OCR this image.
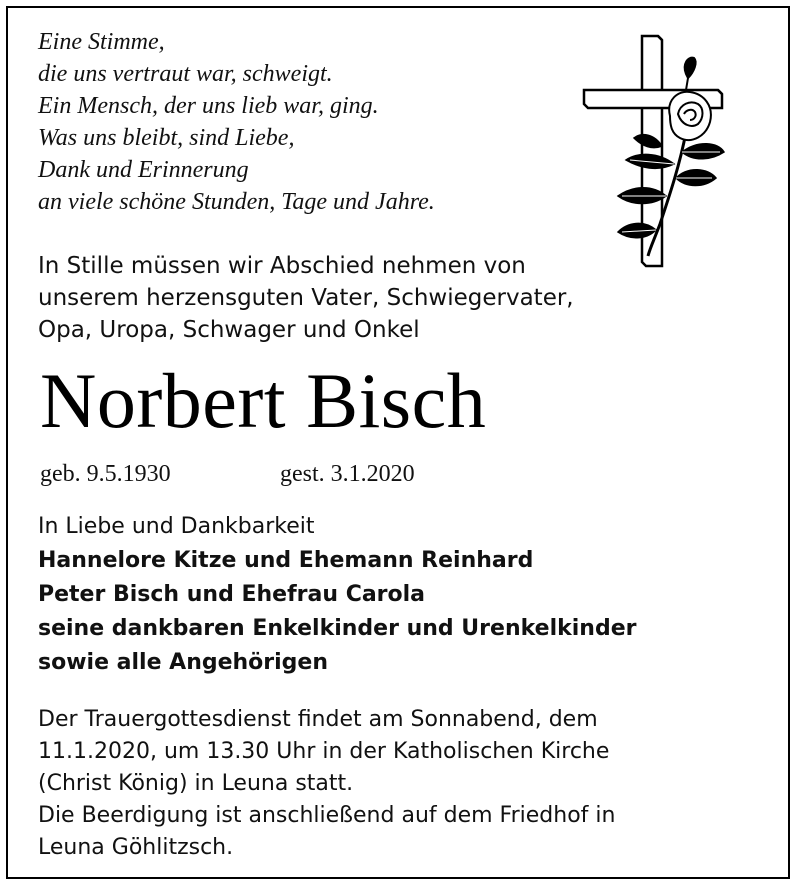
Eine Stimme,
die uns vertraut war, schweigt.
Ein Mensch, der uns lieb war, ging.
Was uns bleibt, sind Liebe,
Dank und Erinnerung
an viele schöne Stunden, Tage und Jahre.
In Stille müssen wir Abschied nehmen von
unserem herzensguten Vater, Schwiegervater,
Opa, Uropa, Schwager und Onkel
Norbert Bisch
geb. 9.5.1930	gest. 3.1.2020
In Liebe und Dankbarkeit
Hannelore Kitze und Ehemann Reinhard
Peter Bisch und Ehefrau Carola
seine dankbaren Enkelkinder und Urenkelkinder
sowie alle Angehörigen
Der Trauergottesdienst findet am Sonnabend, dem
11.1.2020, um 13.30 Uhr in der Katholischen Kirche
(Christ König) in Leuna statt.
Die Beerdigung ist anschließend auf dem Friedhof in
Leuna Göhlitzsch.
